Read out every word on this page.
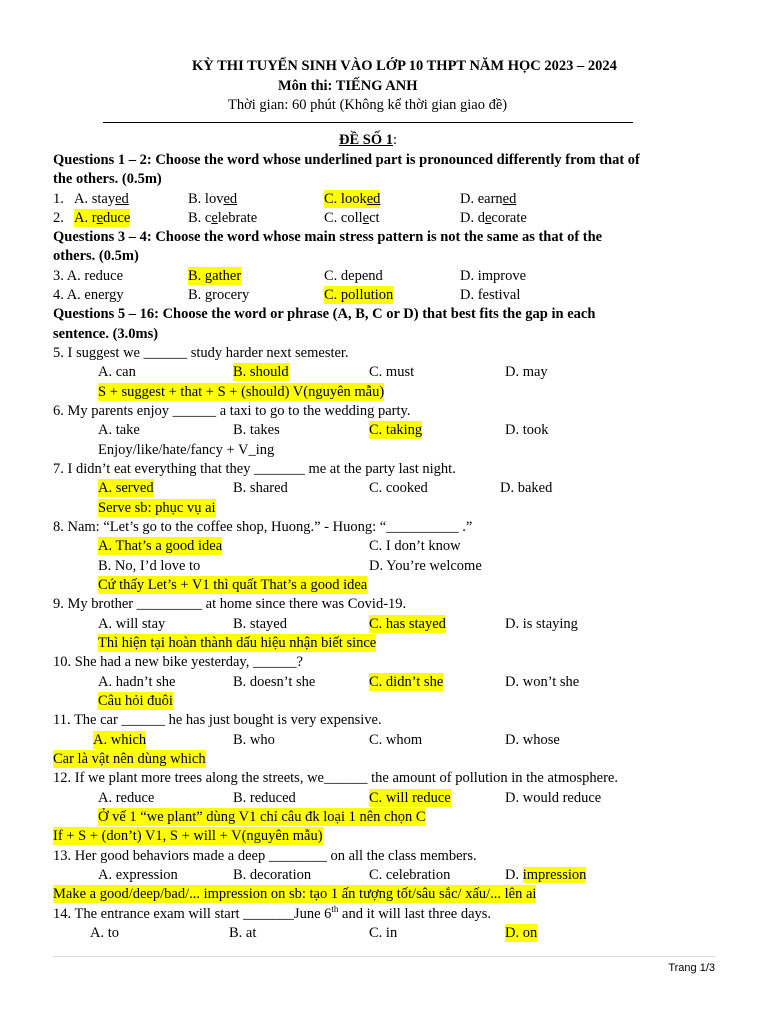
KỲ THI TUYỂN SINH VÀO LỚP 10 THPT NĂM HỌC 2023 – 2024
Môn thi: TIẾNG ANH
Thời gian: 60 phút (Không kể thời gian giao đề)
ĐỀ SỐ 1:
Questions 1 – 2: Choose the word whose underlined part is pronounced differently from that of
the others. (0.5m)
1. A. stayed	B. loved	C. looked	D. earned
2. A. reduce	B. celebrate	C. collect	D. decorate
Questions 3 – 4: Choose the word whose main stress pattern is not the same as that of the
others. (0.5m)
3. A. reduce	B. gather	C. depend	D. improve
4. A. energy	B. grocery	C. pollution	D. festival
Questions 5 – 16: Choose the word or phrase (A, B, C or D) that best fits the gap in each
sentence. (3.0ms)
5. I suggest we ______ study harder next semester.
A. can	B. should	C. must	D. may
S + suggest + that + S + (should) V(nguyên mẫu)
6. My parents enjoy ______ a taxi to go to the wedding party.
A. take	B. takes	C. taking	D. took
Enjoy/like/hate/fancy + V_ing
7. I didn’t eat everything that they _______ me at the party last night.
A. served	B. shared	C. cooked	D. baked
Serve sb: phục vụ ai
8. Nam: “Let’s go to the coffee shop, Huong.” - Huong: “__________ .”
A. That’s a good idea	C. I don’t know
B. No, I’d love to	D. You’re welcome
Cứ thấy Let’s + V1 thì quất That’s a good idea
9. My brother _________ at home since there was Covid-19.
A. will stay	B. stayed	C. has stayed	D. is staying
Thì hiện tại hoàn thành dấu hiệu nhận biết since
10. She had a new bike yesterday, ______?
A. hadn’t she	B. doesn’t she	C. didn’t she	D. won’t she
Câu hỏi đuôi
11. The car ______ he has just bought is very expensive.
A. which	B. who	C. whom	D. whose
Car là vật nên dùng which
12. If we plant more trees along the streets, we______ the amount of pollution in the atmosphere.
A. reduce	B. reduced	C. will reduce	D. would reduce
Ở vế 1 “we plant” dùng V1 chỉ câu đk loại 1 nên chọn C
If + S + (don’t) V1, S + will + V(nguyên mẫu)
13. Her good behaviors made a deep ________ on all the class members.
A. expression	B. decoration	C. celebration	D. impression
Make a good/deep/bad/... impression on sb: tạo 1 ấn tượng tốt/sâu sắc/ xấu/... lên ai
14. The entrance exam will start _______June 6th and it will last three days.
A. to	B. at	C. in	D. on
Trang 1/3
